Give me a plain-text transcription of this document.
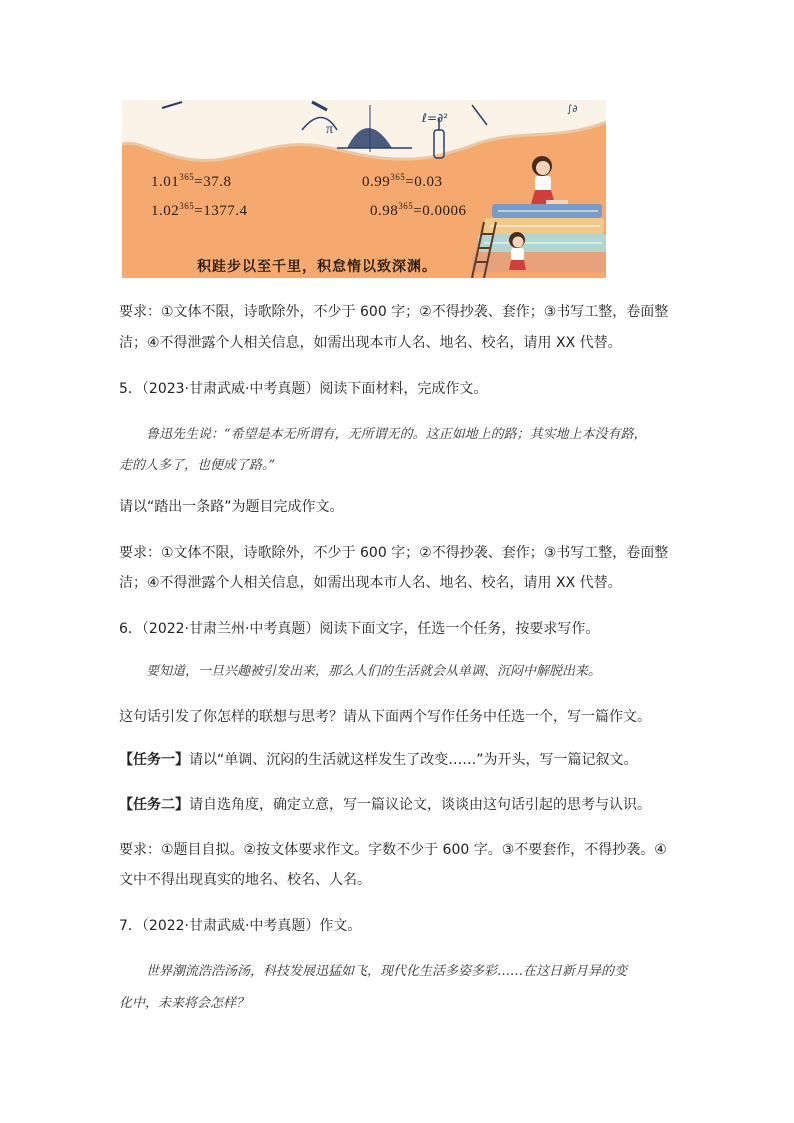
ℓ=∂²
∫∂
$1.01^{365}=37.8$	$0.99^{365}=0.03$
$1.02^{365}=1377.4$	$0.98^{365}=0.0006$
π
积跬步以至千里，积怠惰以致深渊。
要求：①文体不限，诗歌除外，不少于 600 字；②不得抄袭、套作；③书写工整，卷面整
洁；④不得泄露个人相关信息，如需出现本市人名、地名、校名，请用 XX 代替。
5．（2023·甘肃武威·中考真题）阅读下面材料，完成作文。
鲁迅先生说：“希望是本无所谓有，无所谓无的。这正如地上的路；其实地上本没有路，
走的人多了，也便成了路。”
请以“踏出一条路”为题目完成作文。
要求：①文体不限，诗歌除外，不少于 600 字；②不得抄袭、套作；③书写工整，卷面整
洁；④不得泄露个人相关信息，如需出现本市人名、地名、校名，请用 XX 代替。
6．（2022·甘肃兰州·中考真题）阅读下面文字，任选一个任务，按要求写作。
要知道，一旦兴趣被引发出来，那么人们的生活就会从单调、沉闷中解脱出来。
这句话引发了你怎样的联想与思考？请从下面两个写作任务中任选一个，写一篇作文。
【任务一】请以“单调、沉闷的生活就这样发生了改变……”为开头，写一篇记叙文。
【任务二】请自选角度，确定立意，写一篇议论文，谈谈由这句话引起的思考与认识。
要求：①题目自拟。②按文体要求作文。字数不少于 600 字。③不要套作，不得抄袭。④
文中不得出现真实的地名、校名、人名。
7．（2022·甘肃武威·中考真题）作文。
世界潮流浩浩汤汤，科技发展迅猛如飞，现代化生活多姿多彩……在这日新月异的变
化中，未来将会怎样？
